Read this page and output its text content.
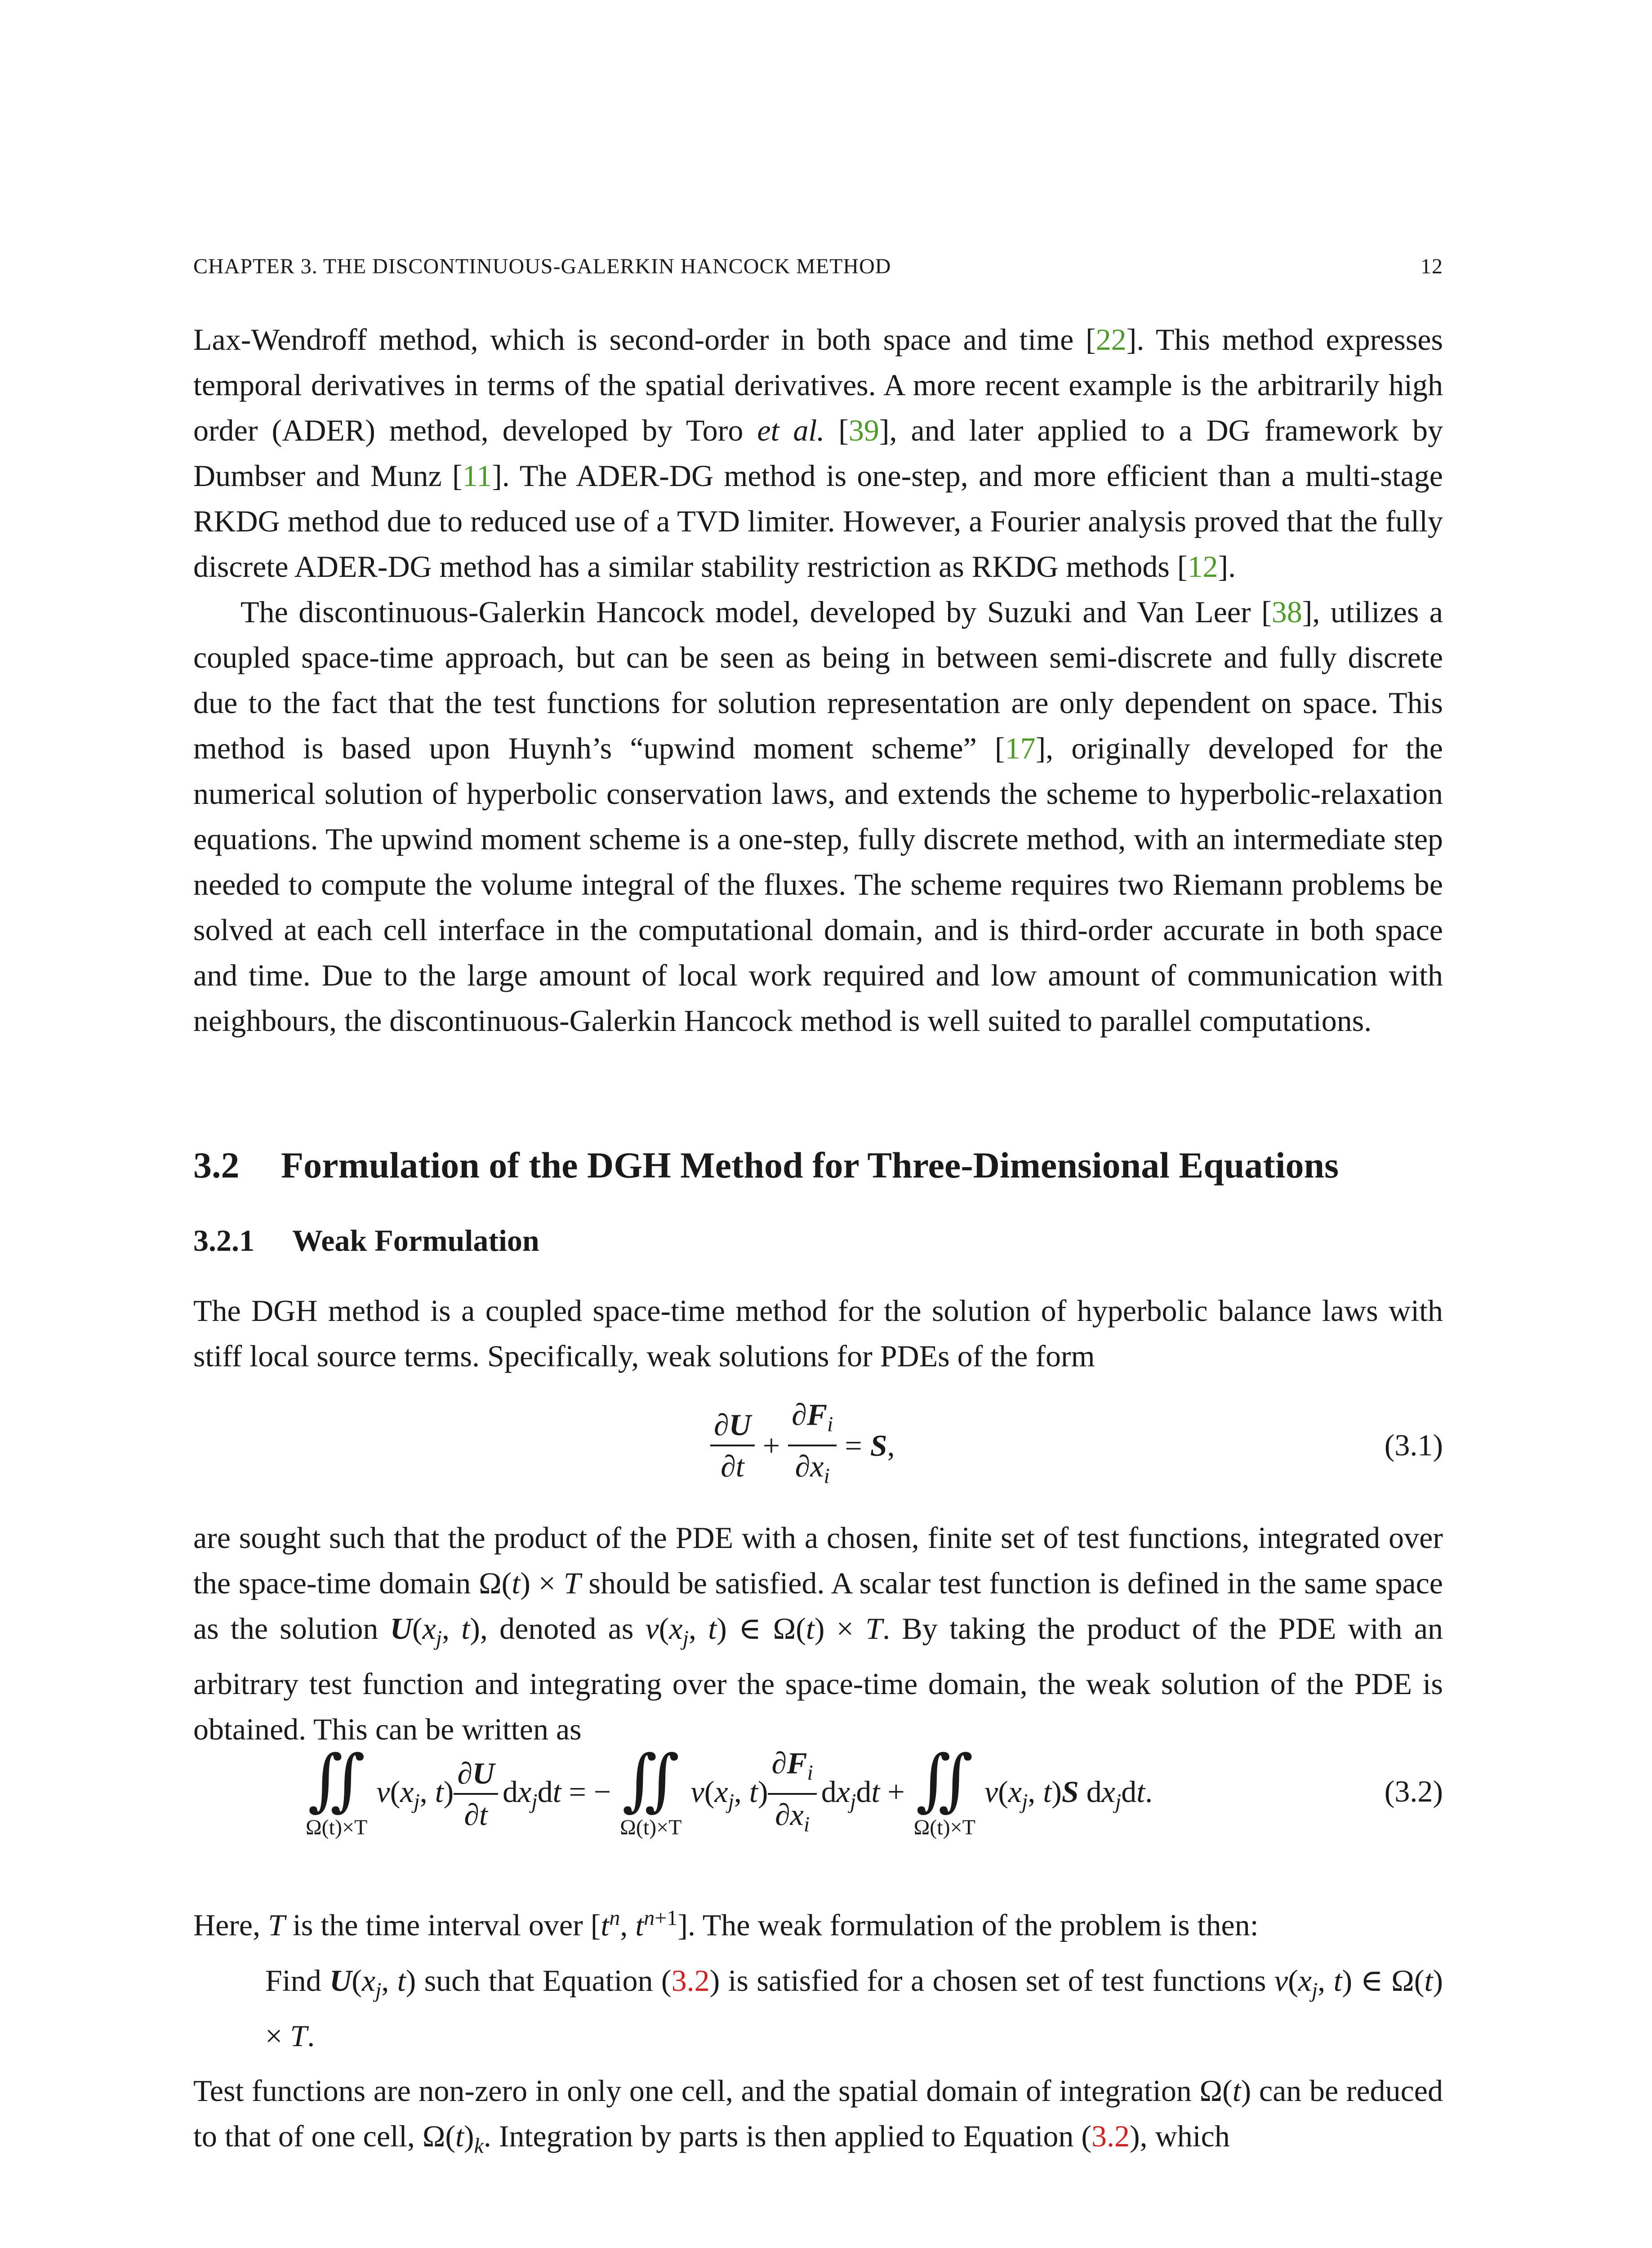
CHAPTER 3. THE DISCONTINUOUS-GALERKIN HANCOCK METHOD	12

Lax-Wendroff method, which is second-order in both space and time [22]. This method expresses temporal derivatives in terms of the spatial derivatives. A more recent example is the arbitrarily high order (ADER) method, developed by Toro et al. [39], and later applied to a DG framework by Dumbser and Munz [11]. The ADER-DG method is one-step, and more efficient than a multi-stage RKDG method due to reduced use of a TVD limiter. However, a Fourier analysis proved that the fully discrete ADER-DG method has a similar stability restriction as RKDG methods [12].

The discontinuous-Galerkin Hancock model, developed by Suzuki and Van Leer [38], utilizes a coupled space-time approach, but can be seen as being in between semi-discrete and fully discrete due to the fact that the test functions for solution representation are only dependent on space. This method is based upon Huynh’s “upwind moment scheme” [17], originally developed for the numerical solution of hyperbolic conservation laws, and extends the scheme to hyperbolic-relaxation equations. The upwind moment scheme is a one-step, fully discrete method, with an intermediate step needed to compute the volume integral of the fluxes. The scheme requires two Riemann problems be solved at each cell interface in the computational domain, and is third-order accurate in both space and time. Due to the large amount of local work required and low amount of communication with neighbours, the discontinuous-Galerkin Hancock method is well suited to parallel computations.

3.2 Formulation of the DGH Method for Three-Dimensional Equations
3.2.1 Weak Formulation

The DGH method is a coupled space-time method for the solution of hyperbolic balance laws with stiff local source terms. Specifically, weak solutions for PDEs of the form

$\frac{\partial U}{\partial t} + \frac{\partial F_i}{\partial x_i} = S$ ,	(3.1)

are sought such that the product of the PDE with a chosen, finite set of test functions, integrated over the space-time domain Ω(t) × T should be satisfied. A scalar test function is defined in the same space as the solution $U(x_j$, t), denoted as $\nu(x_j$, t) ∈ Ω(t) × T. By taking the product of the PDE with an arbitrary test function and integrating over the space-time domain, the weak solution of the PDE is obtained. This can be written as

∬
Ω(t)×T
$\nu(x_j$, $t) \frac{\partial U}{\partial t} dx_jdt$ = − ∬
Ω(t)×T
$\nu(x_j$, $t) \frac{\partial F_i}{\partial x_i} dx_jdt$ + ∬
Ω(t)×T
$\nu(x_j$, t)S $dx_jdt$.	(3.2)

Here, T is the time interval over [$t^n$, $t^{n+1}$]. The weak formulation of the problem is then:

Find $U(x_j$, t) such that Equation (3.2) is satisfied for a chosen set of test functions $\nu(x_j$, t) ∈ Ω(t) × T.

Test functions are non-zero in only one cell, and the spatial domain of integration Ω(t) can be reduced to that of one cell, $\Omega(t)_k$. Integration by parts is then applied to Equation (3.2), which
